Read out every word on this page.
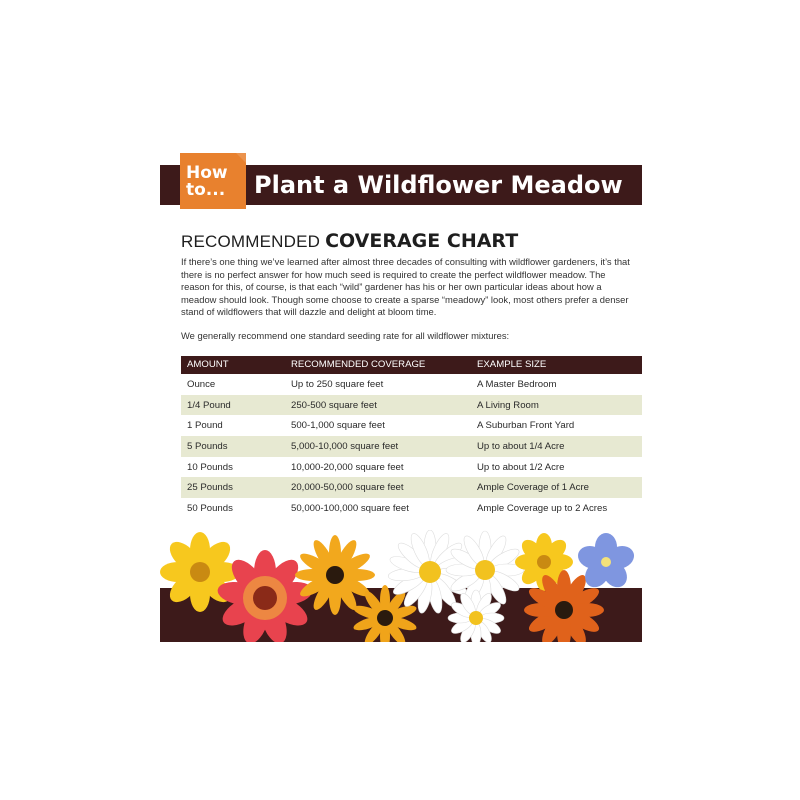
How
to... Plant a Wildflower Meadow
RECOMMENDED COVERAGE CHART
If there’s one thing we’ve learned after almost three decades of consulting with wildflower gardeners, it’s that there is no perfect answer for how much seed is required to create the perfect wildflower meadow. The reason for this, of course, is that each “wild” gardener has his or her own particular ideas about how a meadow should look. Though some choose to create a sparse “meadowy” look, most others prefer a denser stand of wildflowers that will dazzle and delight at bloom time.
We generally recommend one standard seeding rate for all wildflower mixtures:
AMOUNT	RECOMMENDED COVERAGE	EXAMPLE SIZE
Ounce	Up to 250 square feet	A Master Bedroom
1/4 Pound	250-500 square feet	A Living Room
1 Pound	500-1,000 square feet	A Suburban Front Yard
5 Pounds	5,000-10,000 square feet	Up to about 1/4 Acre
10 Pounds	10,000-20,000 square feet	Up to about 1/2 Acre
25 Pounds	20,000-50,000 square feet	Ample Coverage of 1 Acre
50 Pounds	50,000-100,000 square feet	Ample Coverage up to 2 Acres
